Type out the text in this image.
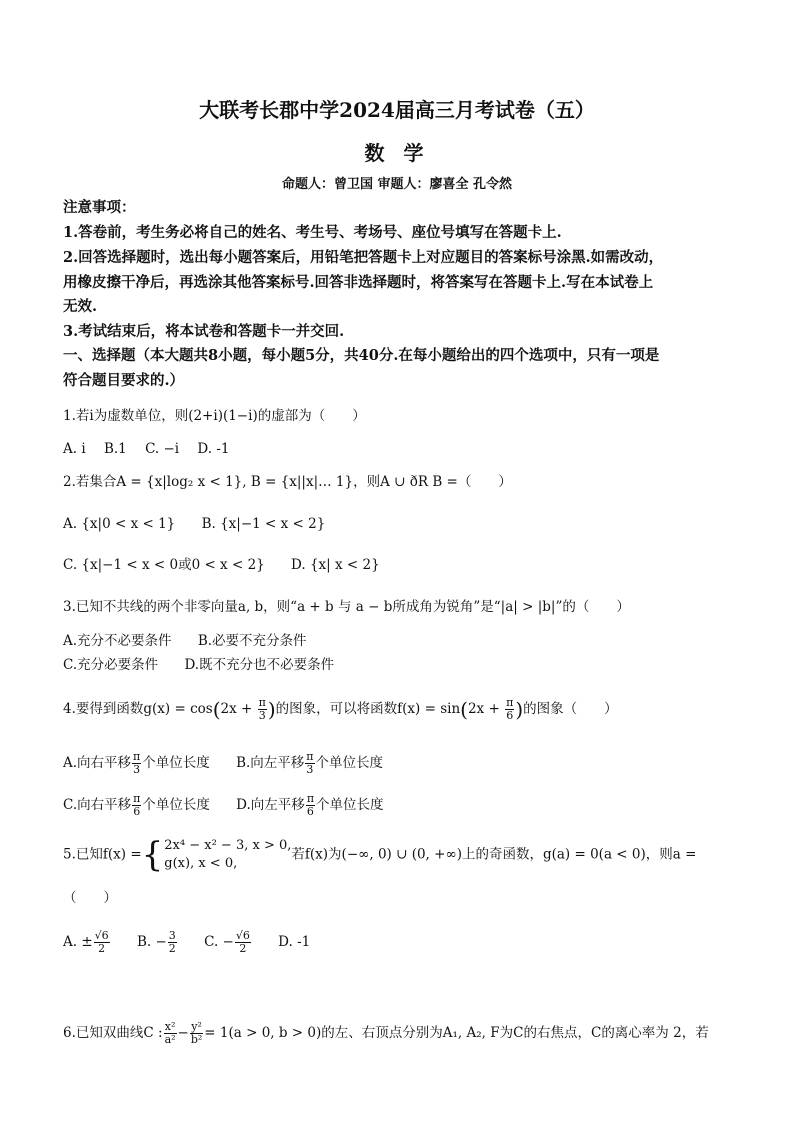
大联考长郡中学2024届高三月考试卷（五）
数 学
命题人：曾卫国 审题人：廖喜全 孔令然
注意事项：
1.答卷前，考生务必将自己的姓名、考生号、考场号、座位号填写在答题卡上.
2.回答选择题时，选出每小题答案后，用铅笔把答题卡上对应题目的答案标号涂黑.如需改动，
用橡皮擦干净后，再选涂其他答案标号.回答非选择题时，将答案写在答题卡上.写在本试卷上
无效.
3.考试结束后，将本试卷和答题卡一并交回.
一、选择题（本大题共8小题，每小题5分，共40分.在每小题给出的四个选项中，只有一项是
符合题目要求的.）
1.若i为虚数单位，则(2+i)(1−i)的虚部为（　　）
A. i B.1 C. −i D. -1
2.若集合A = {x|log₂ x < 1}, B = {x||x|… 1}，则A ∪ ðR B =（　　）
A. {x|0 < x < 1} B. {x|−1 < x < 2}
C. {x|−1 < x < 0或0 < x < 2} D. {x| x < 2}
3.已知不共线的两个非零向量a, b，则“a + b 与 a − b所成角为锐角”是“|a| > |b|”的（　　）
A.充分不必要条件 B.必要不充分条件
C.充分必要条件 D.既不充分也不必要条件
4.要得到函数$g(x) = \cos(2x + \frac{\pi}{3}$ )的图象，可以将函数$f(x) = \sin(2x + \frac{\pi}{6}$ )的图象（　　）
A.向右平移 $\frac{\pi}{3}$ 个单位长度 B.向左平移 $\frac{\pi}{3}$ 个单位长度
C.向右平移 $\frac{\pi}{6}$ 个单位长度 D.向左平移 $\frac{\pi}{6}$ 个单位长度
5.已知f(x) ={ 2x⁴ − x² − 3, x > 0,
g(x), x < 0,
若f(x)为(−∞, 0) ∪ (0, +∞)上的奇函数，g(a) = 0(a < 0)，则a =
（　　）
A. ± $\frac{√6}{2} B$. − $\frac{3}{2} C$. − $\frac{√6}{2} D$. -1
6.已知双曲线C : $\frac{\text{x²}}{\text{a²}} - \frac{\text{y²}}{\text{b²}} = 1(a > 0$, b > 0)的左、右顶点分别为A₁, A₂, F为C的右焦点，C的离心率为 2，若
